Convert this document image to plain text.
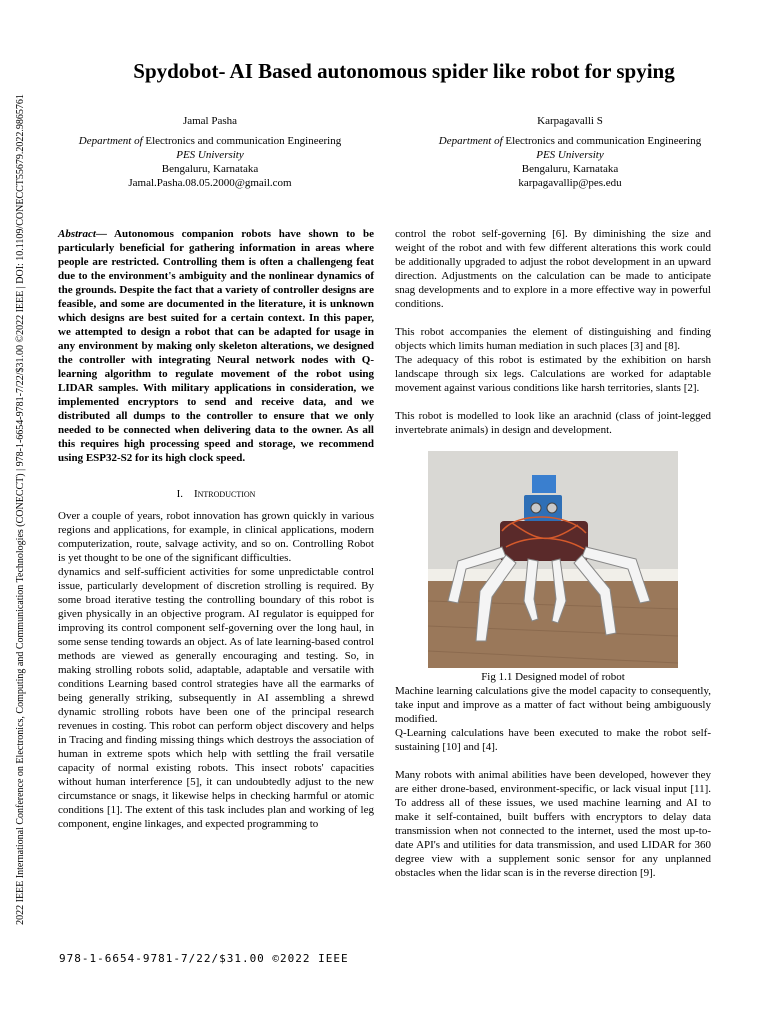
2022 IEEE International Conference on Electronics, Computing and Communication Technologies (CONECCT) | 978-1-6654-9781-7/22/$31.00 ©2022 IEEE | DOI: 10.1109/CONECCT55679.2022.9865761
Spydobot- AI Based autonomous spider like robot for spying
Jamal Pasha
Department of Electronics and communication Engineering
PES University
Bengaluru, Karnataka
Jamal.Pasha.08.05.2000@gmail.com
Karpagavalli S
Department of Electronics and communication Engineering
PES University
Bengaluru, Karnataka
karpagavallip@pes.edu

Abstract— Autonomous companion robots have shown to be particularly beneficial for gathering information in areas where people are restricted. Controlling them is often a challengeng feat due to the environment's ambiguity and the nonlinear dynamics of the grounds. Despite the fact that a variety of controller designs are feasible, and some are documented in the literature, it is unknown which designs are best suited for a certain context. In this paper, we attempted to design a robot that can be adapted for usage in any environment by making only skeleton alterations, we designed the controller with integrating Neural network nodes with Q-learning algorithm to regulate movement of the robot using LIDAR samples. With military applications in consideration, we implemented encryptors to send and receive data, and we distributed all dumps to the controller to ensure that we only needed to be connected when delivering data to the owner. As all this requires high processing speed and storage, we recommend using ESP32-S2 for its high clock speed.

I. Introduction

Over a couple of years, robot innovation has grown quickly in various regions and applications, for example, in clinical applications, modern computerization, route, salvage activity, and so on. Controlling Robot is yet thought to be one of the significant difficulties.

dynamics and self-sufficient activities for some unpredictable control issue, particularly development of discretion strolling is required. By some broad iterative testing the controlling boundary of this robot is given physically in an objective program. AI regulator is equipped for improving its control component self-governing over the long haul, in some sense tending towards an object. As of late learning-based control methods are viewed as generally encouraging and testing. So, in making strolling robots solid, adaptable, adaptable and versatile with conditions Learning based control strategies have all the earmarks of being generally striking, subsequently in AI assembling a shrewd dynamic strolling robots have been one of the principal research revenues in costing. This robot can perform object discovery and helps in Tracing and finding missing things which destroys the association of human in extreme spots which help with settling the frail versatile capacity of normal existing robots. This insect robots' capacities without human interference [5], it can undoubtedly adjust to the new circumstance or snags, it likewise helps in checking harmful or atomic conditions [1]. The extent of this task includes plan and working of leg component, engine linkages, and expected programming to

control the robot self-governing [6]. By diminishing the size and weight of the robot and with few different alterations this work could be additionally upgraded to adjust the robot development in an upward direction. Adjustments on the calculation can be made to anticipate snag developments and to explore in a more effective way in powerful conditions.

This robot accompanies the element of distinguishing and finding objects which limits human mediation in such places [3] and [8].

The adequacy of this robot is estimated by the exhibition on harsh landscape through six legs. Calculations are worked for adaptable movement against various conditions like harsh territories, slants [2].

This robot is modelled to look like an arachnid (class of joint-legged invertebrate animals) in design and development.

Fig 1.1 Designed model of robot

Machine learning calculations give the model capacity to consequently, take input and improve as a matter of fact without being ambiguously modified.

Q-Learning calculations have been executed to make the robot self-sustaining [10] and [4].

Many robots with animal abilities have been developed, however they are either drone-based, environment-specific, or lack visual input [11]. To address all of these issues, we used machine learning and AI to make it self-contained, built buffers with encryptors to delay data transmission when not connected to the internet, used the most up-to-date API's and utilities for data transmission, and used LIDAR for 360 degree view with a supplement sonic sensor for any unplanned obstacles when the lidar scan is in the reverse direction [9].

978-1-6654-9781-7/22/$31.00 ©2022 IEEE
